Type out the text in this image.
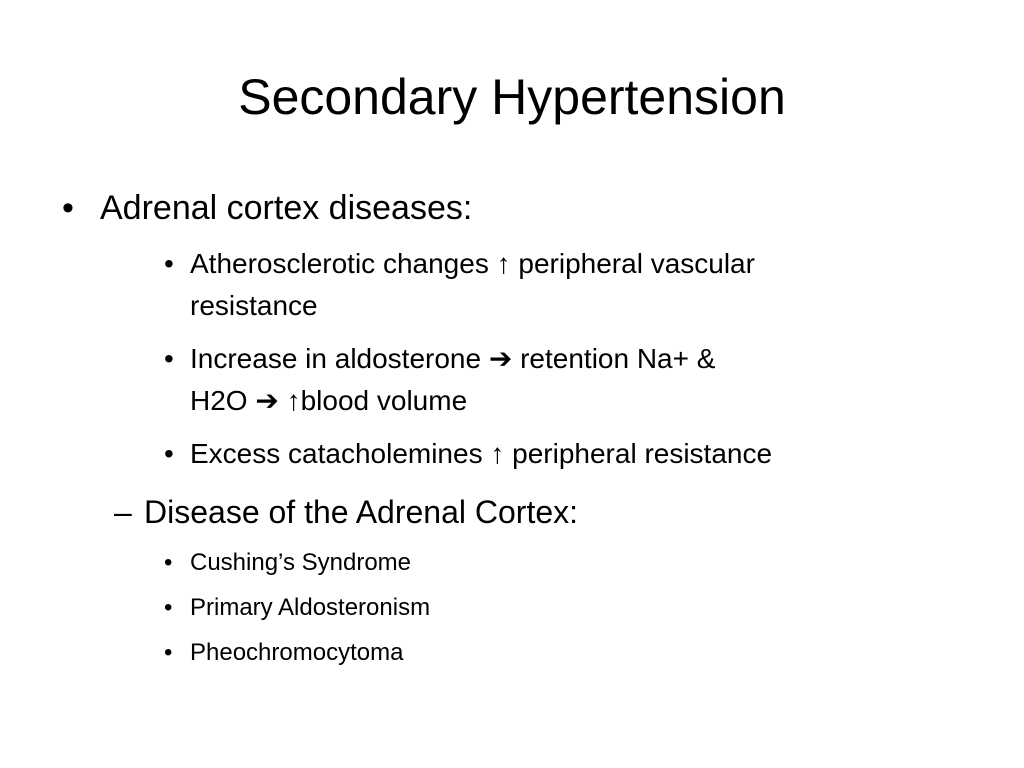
Secondary Hypertension
• Adrenal cortex diseases:
• Atherosclerotic changes ↑ peripheral vascular
resistance
• Increase in aldosterone ➔ retention Na+ &
H2O ➔ ↑blood volume
• Excess catacholemines ↑ peripheral resistance
– Disease of the Adrenal Cortex:
• Cushing’s Syndrome
• Primary Aldosteronism
• Pheochromocytoma
